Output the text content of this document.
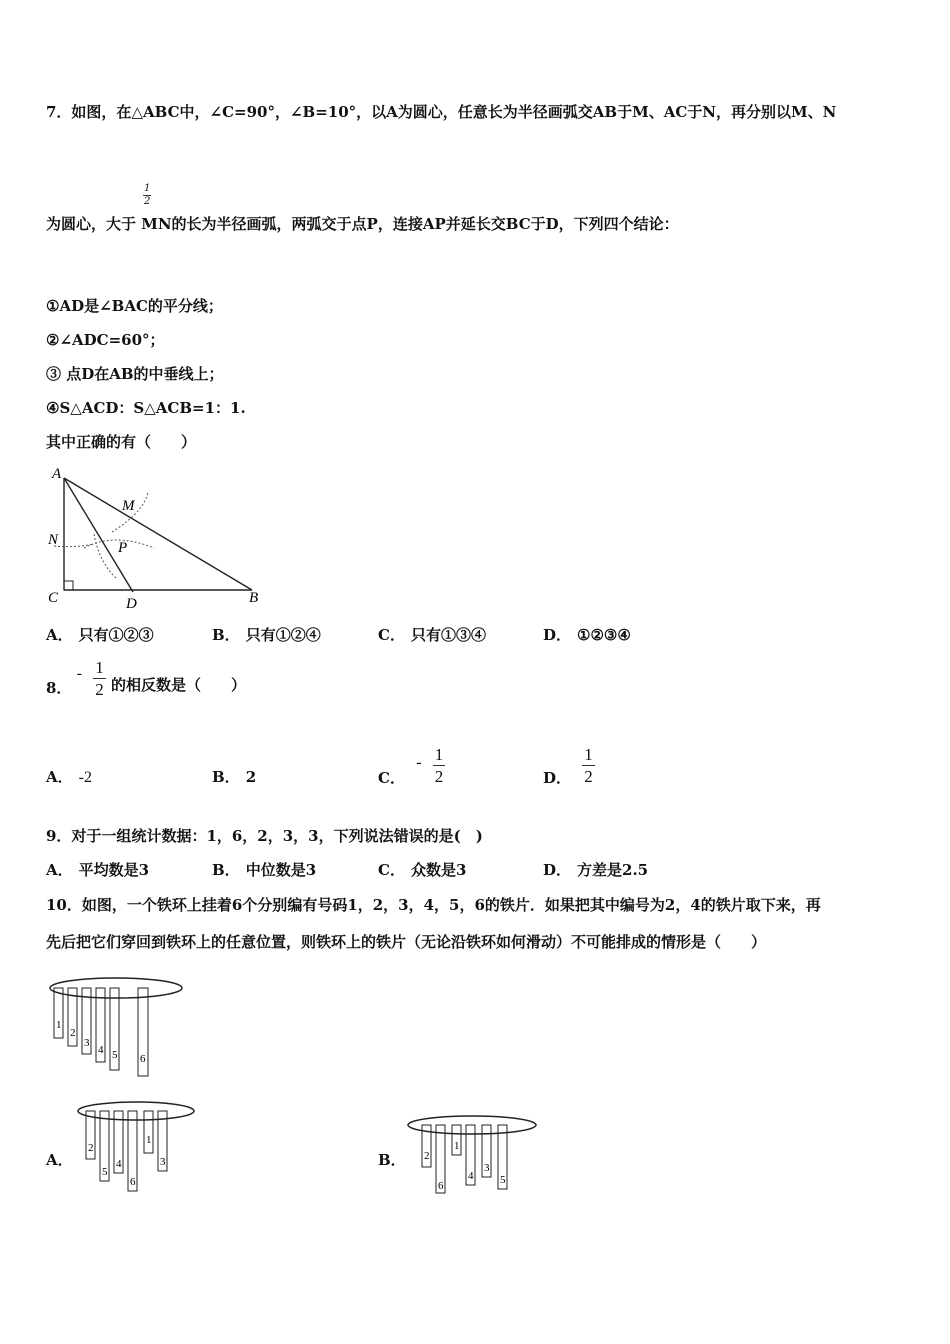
7．如图，在△ABC中，∠C=90°，∠B=10°，以A为圆心，任意长为半径画弧交AB于M、AC于N，再分别以M、N
$\frac{1}{2}$
为圆心，大于 MN的长为半径画弧，两弧交于点P，连接AP并延长交BC于D，下列四个结论：
①AD是∠BAC的平分线；
②∠ADC=60°；
③ 点D在AB的中垂线上；
④S△ACD：S△ACB=1：1.
其中正确的有（　　）
A
M
N	P
C	D	B
A． 只有①②③	B． 只有①②④	C． 只有①③④	D． ①②③④
8． - $\frac{1}{2}$ 的相反数是（　　）
A． -2	B． 2	C． - $\frac{1}{2}$	D． $\frac{1}{2}$
9．对于一组统计数据：1，6，2，3，3，下列说法错误的是(　)
A． 平均数是3	B． 中位数是3	C． 众数是3	D． 方差是2.5
10．如图，一个铁环上挂着6个分别编有号码1，2，3，4，5，6的铁片．如果把其中编号为2，4的铁片取下来，再
先后把它们穿回到铁环上的任意位置，则铁环上的铁片（无论沿铁环如何滑动）不可能排成的情形是（　　）
1
2
3
4 5 6
A．
2
5
4
6
1
3	B． 2
6
1
4
3
5
